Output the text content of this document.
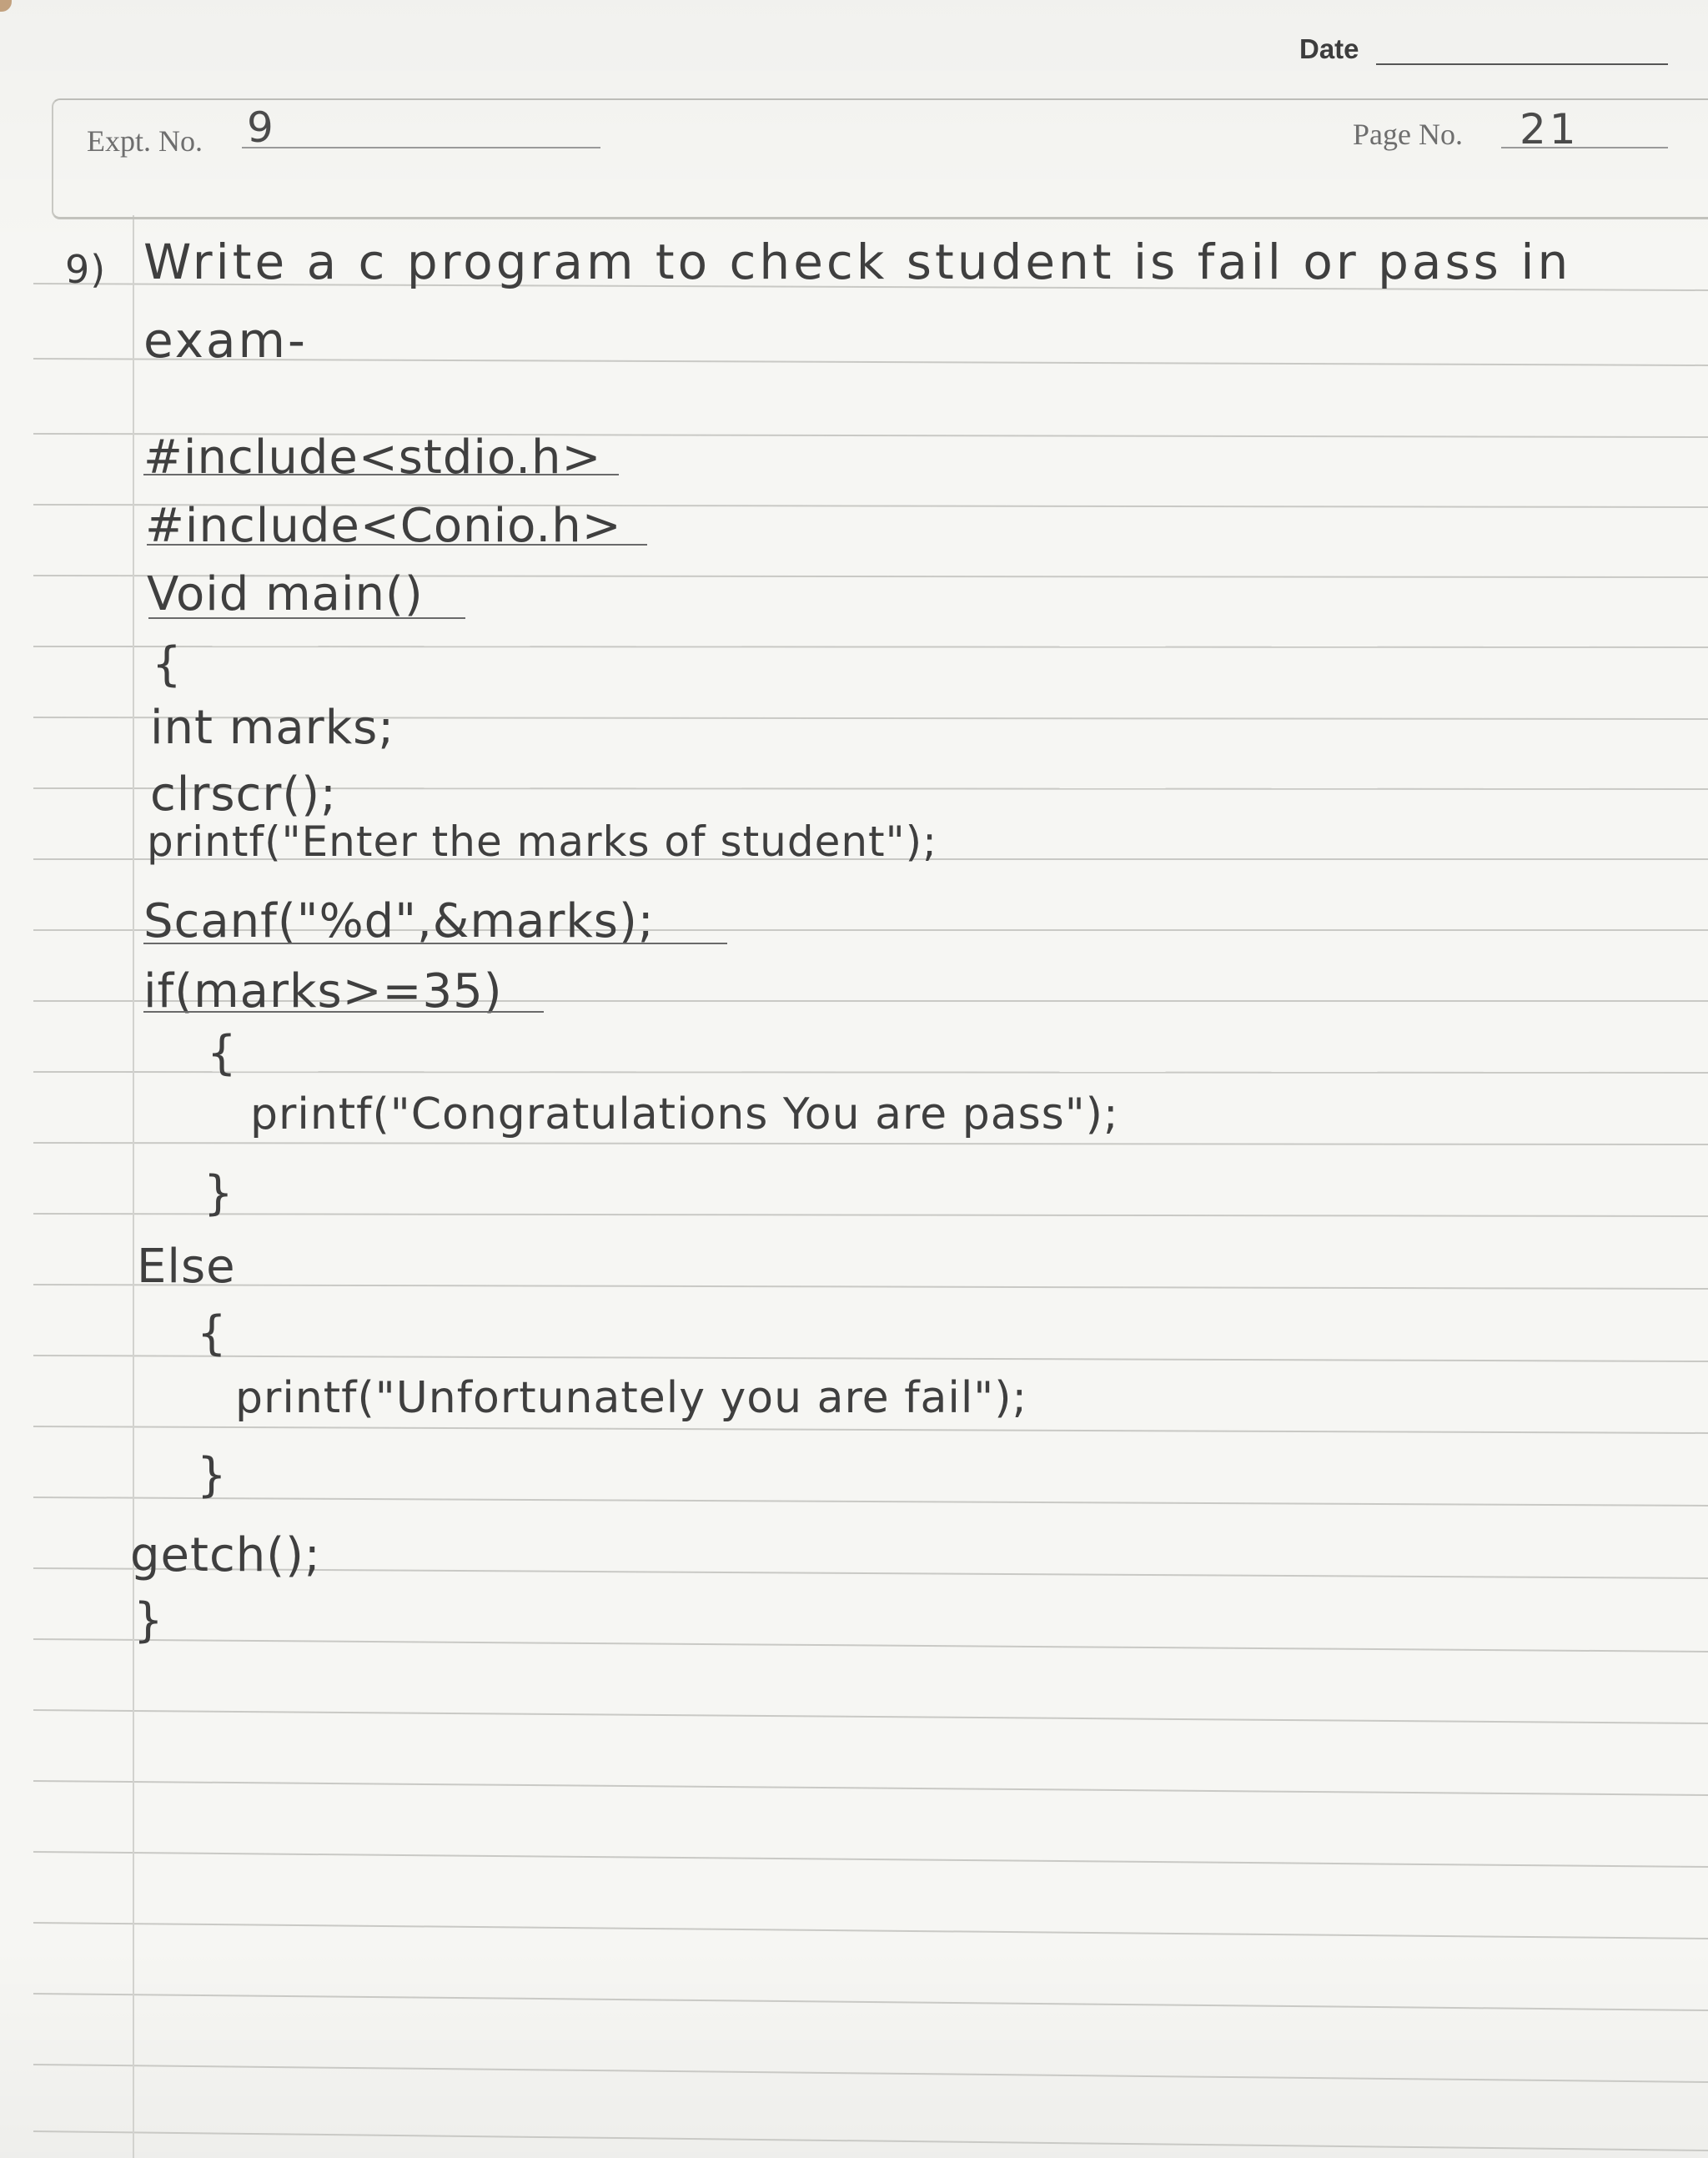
Date
Expt. No. 9	Page No. 21
9) Write a c program to check student is fail or pass in
exam-
#include<stdio.h>
#include<Conio.h>
Void main()
{
int marks;
clrscr();
printf("Enter the marks of student");
Scanf("%d",&marks);
if(marks>=35)
{
printf("Congratulations You are pass");
}
Else
{
printf("Unfortunately you are fail");
}
getch();
}
